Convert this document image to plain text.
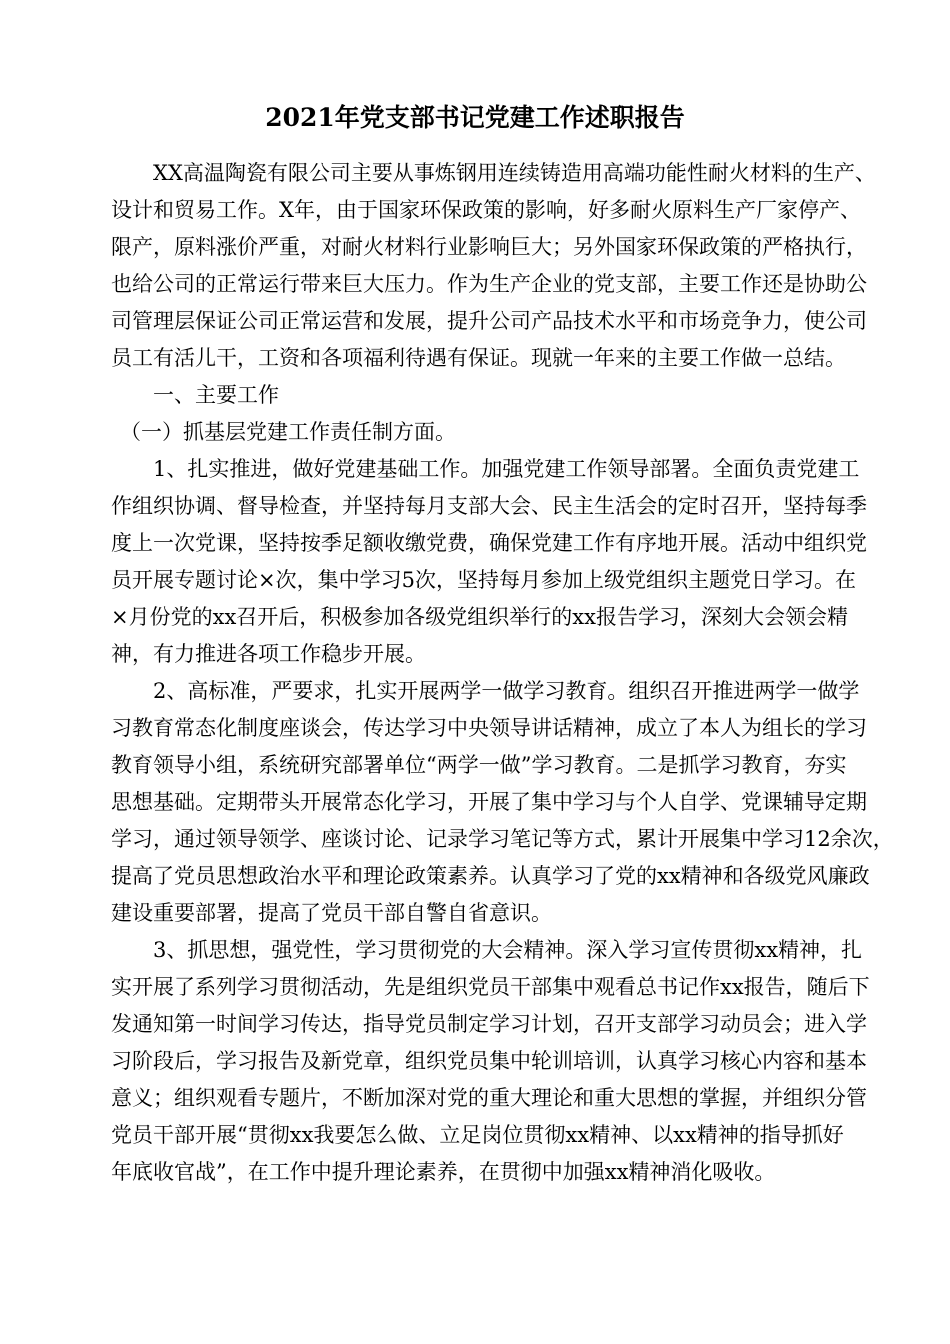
2021年党支部书记党建工作述职报告
XX高温陶瓷有限公司主要从事炼钢用连续铸造用高端功能性耐火材料的生产、
设计和贸易工作。X年，由于国家环保政策的影响，好多耐火原料生产厂家停产、
限产，原料涨价严重，对耐火材料行业影响巨大；另外国家环保政策的严格执行，
也给公司的正常运行带来巨大压力。作为生产企业的党支部，主要工作还是协助公
司管理层保证公司正常运营和发展，提升公司产品技术水平和市场竞争力，使公司
员工有活儿干，工资和各项福利待遇有保证。现就一年来的主要工作做一总结。
一、主要工作
（一）抓基层党建工作责任制方面。
1、扎实推进，做好党建基础工作。加强党建工作领导部署。全面负责党建工
作组织协调、督导检查，并坚持每月支部大会、民主生活会的定时召开，坚持每季
度上一次党课，坚持按季足额收缴党费，确保党建工作有序地开展。活动中组织党
员开展专题讨论×次，集中学习5次，坚持每月参加上级党组织主题党日学习。在
×月份党的xx召开后，积极参加各级党组织举行的xx报告学习，深刻大会领会精
神，有力推进各项工作稳步开展。
2、高标准，严要求，扎实开展两学一做学习教育。组织召开推进两学一做学
习教育常态化制度座谈会，传达学习中央领导讲话精神，成立了本人为组长的学习
教育领导小组，系统研究部署单位“两学一做”学习教育。二是抓学习教育，夯实
思想基础。定期带头开展常态化学习，开展了集中学习与个人自学、党课辅导定期
学习，通过领导领学、座谈讨论、记录学习笔记等方式，累计开展集中学习12余次，
提高了党员思想政治水平和理论政策素养。认真学习了党的xx精神和各级党风廉政
建设重要部署，提高了党员干部自警自省意识。
3、抓思想，强党性，学习贯彻党的大会精神。深入学习宣传贯彻xx精神，扎
实开展了系列学习贯彻活动，先是组织党员干部集中观看总书记作xx报告，随后下
发通知第一时间学习传达，指导党员制定学习计划，召开支部学习动员会；进入学
习阶段后，学习报告及新党章，组织党员集中轮训培训，认真学习核心内容和基本
意义；组织观看专题片，不断加深对党的重大理论和重大思想的掌握，并组织分管
党员干部开展“贯彻xx我要怎么做、立足岗位贯彻xx精神、以xx精神的指导抓好
年底收官战”，在工作中提升理论素养，在贯彻中加强xx精神消化吸收。
